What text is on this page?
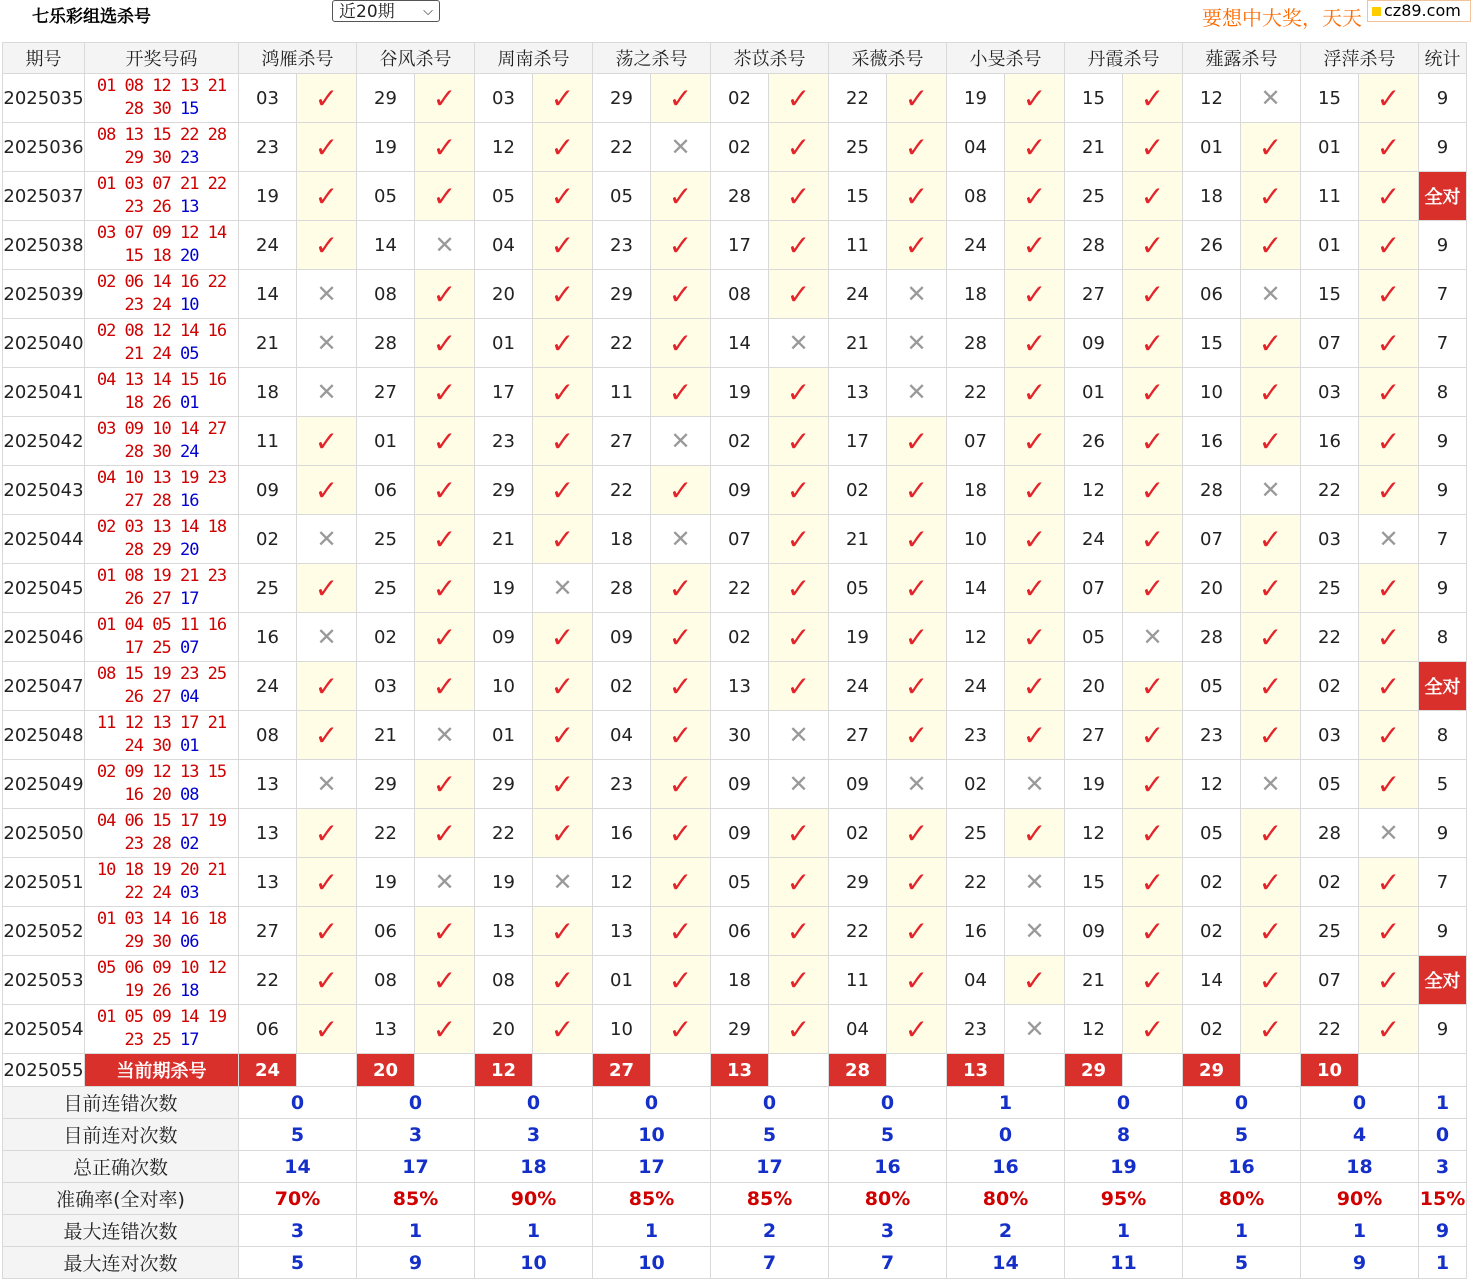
七乐彩组选杀号	近20期 ⌵	要想中大奖，天天	cz89.com
期号	开奖号码	鸿雁杀号		谷风杀号		周南杀号		荡之杀号		苶苡杀号		采薇杀号		小旻杀号		丹霞杀号		薤露杀号		浮萍杀号		统计
2025035	01 08 12 13 21
28 30 15	03	✓	29	✓	03	✓	29	✓	02	✓	22	✓	19	✓	15	✓	12	✕	15	✓	9
2025036	08 13 15 22 28
29 30 23	23	✓	19	✓	12	✓	22	✕	02	✓	25	✓	04	✓	21	✓	01	✓	01	✓	9
2025037	01 03 07 21 22
23 26 13	19	✓	05	✓	05	✓	05	✓	28	✓	15	✓	08	✓	25	✓	18	✓	11	✓	全对
2025038	03 07 09 12 14
15 18 20	24	✓	14	✕	04	✓	23	✓	17	✓	11	✓	24	✓	28	✓	26	✓	01	✓	9
2025039	02 06 14 16 22
23 24 10	14	✕	08	✓	20	✓	29	✓	08	✓	24	✕	18	✓	27	✓	06	✕	15	✓	7
2025040	02 08 12 14 16
21 24 05	21	✕	28	✓	01	✓	22	✓	14	✕	21	✕	28	✓	09	✓	15	✓	07	✓	7
2025041	04 13 14 15 16
18 26 01	18	✕	27	✓	17	✓	11	✓	19	✓	13	✕	22	✓	01	✓	10	✓	03	✓	8
2025042	03 09 10 14 27
28 30 24	11	✓	01	✓	23	✓	27	✕	02	✓	17	✓	07	✓	26	✓	16	✓	16	✓	9
2025043	04 10 13 19 23
27 28 16	09	✓	06	✓	29	✓	22	✓	09	✓	02	✓	18	✓	12	✓	28	✕	22	✓	9
2025044	02 03 13 14 18
28 29 20	02	✕	25	✓	21	✓	18	✕	07	✓	21	✓	10	✓	24	✓	07	✓	03	✕	7
2025045	01 08 19 21 23
26 27 17	25	✓	25	✓	19	✕	28	✓	22	✓	05	✓	14	✓	07	✓	20	✓	25	✓	9
2025046	01 04 05 11 16
17 25 07	16	✕	02	✓	09	✓	09	✓	02	✓	19	✓	12	✓	05	✕	28	✓	22	✓	8
2025047	08 15 19 23 25
26 27 04	24	✓	03	✓	10	✓	02	✓	13	✓	24	✓	24	✓	20	✓	05	✓	02	✓	全对
2025048	11 12 13 17 21
24 30 01	08	✓	21	✕	01	✓	04	✓	30	✕	27	✓	23	✓	27	✓	23	✓	03	✓	8
2025049	02 09 12 13 15
16 20 08	13	✕	29	✓	29	✓	23	✓	09	✕	09	✕	02	✕	19	✓	12	✕	05	✓	5
2025050	04 06 15 17 19
23 28 02	13	✓	22	✓	22	✓	16	✓	09	✓	02	✓	25	✓	12	✓	05	✓	28	✕	9
2025051	10 18 19 20 21
22 24 03	13	✓	19	✕	19	✕	12	✓	05	✓	29	✓	22	✕	15	✓	02	✓	02	✓	7
2025052	01 03 14 16 18
29 30 06	27	✓	06	✓	13	✓	13	✓	06	✓	22	✓	16	✕	09	✓	02	✓	25	✓	9
2025053	05 06 09 10 12
19 26 18	22	✓	08	✓	08	✓	01	✓	18	✓	11	✓	04	✓	21	✓	14	✓	07	✓	全对
2025054	01 05 09 14 19
23 25 17	06	✓	13	✓	20	✓	10	✓	29	✓	04	✓	23	✕	12	✓	02	✓	22	✓	9
2025055	当前期杀号	24		20		12		27		13		28		13		29		29		10		
目前连错次数		0		0		0		0		0		0		1		0		0		0		1
目前连对次数		5		3		3		10		5		5		0		8		5		4		0
总正确次数		14		17		18		17		17		16		16		19		16		18		3
准确率(全对率)		70%		85%		90%		85%		85%		80%		80%		95%		80%		90%		15%
最大连错次数		3		1		1		1		2		3		2		1		1		1		9
最大连对次数		5		9		10		10		7		7		14		11		5		9		1
